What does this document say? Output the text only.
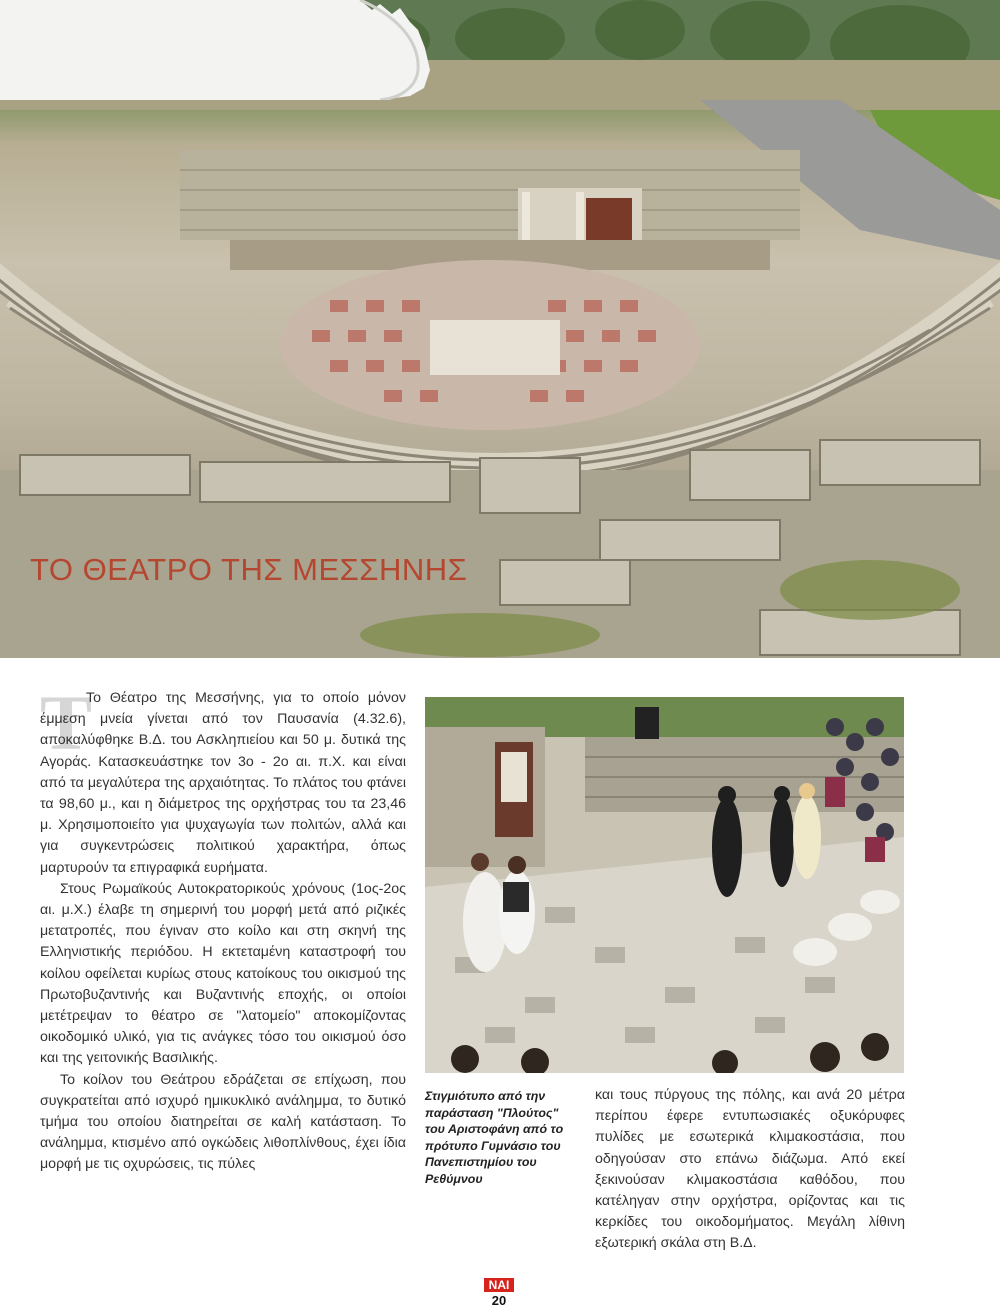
ΤΟ ΘΕΑΤΡΟ ΤΗΣ ΜΕΣΣΗΝΗΣ
Τ

Το Θέατρο της Μεσσήνης, για το οποίο μόνον έμμεση μνεία γίνεται από τον Παυσανία (4.32.6), αποκαλύφθηκε Β.Δ. του Ασκληπιείου και 50 μ. δυτικά της Αγοράς. Κατασκευάστηκε τον 3ο - 2ο αι. π.Χ. και είναι από τα μεγαλύτερα της αρχαιότητας. Το πλάτος του φτάνει τα 98,60 μ., και η διάμετρος της ορχήστρας του τα 23,46 μ. Χρησιμοποιείτο για ψυχαγωγία των πολιτών, αλλά και για συγκεντρώσεις πολιτικού χαρακτήρα, όπως μαρτυρούν τα επιγραφικά ευρήματα.

Στους Ρωμαϊκούς Αυτοκρατορικούς χρόνους (1ος-2ος αι. μ.Χ.) έλαβε τη σημερινή του μορφή μετά από ριζικές μετατροπές, που έγιναν στο κοίλο και στη σκηνή της Ελληνιστικής περιόδου. Η εκτεταμένη καταστροφή του κοίλου οφείλεται κυρίως στους κατοίκους του οικισμού της Πρωτοβυζαντινής και Βυζαντινής εποχής, οι οποίοι μετέτρεψαν το θέατρο σε "λατομείο" αποκομίζοντας οικοδομικό υλικό, για τις ανάγκες τόσο του οικισμού όσο και της γειτονικής Βασιλικής.

Το κοίλον του Θεάτρου εδράζεται σε επίχωση, που συγκρατείται από ισχυρό ημικυκλικό ανάλημμα, το δυτικό τμήμα του οποίου διατηρείται σε καλή κατάσταση. Το ανάλημμα, κτισμένο από ογκώδεις λιθοπλίνθους, έχει ίδια μορφή με τις οχυρώσεις, τις πύλες

Στιγμιότυπο από την παράσταση "Πλούτος" του Αριστοφάνη από το πρότυπο Γυμνάσιο του Πανεπιστημίου του Ρεθύμνου

και τους πύργους της πόλης, και ανά 20 μέτρα περίπου έφερε εντυπωσιακές οξυκόρυφες πυλίδες με εσωτερικά κλιμακοστάσια, που οδηγούσαν στο επάνω διάζωμα. Από εκεί ξεκινούσαν κλιμακοστάσια καθόδου, που κατέληγαν στην ορχήστρα, ορίζοντας και τις κερκίδες του οικοδομήματος. Μεγάλη λίθινη εξωτερική σκάλα στη Β.Δ.

ΝΑΙ
20
